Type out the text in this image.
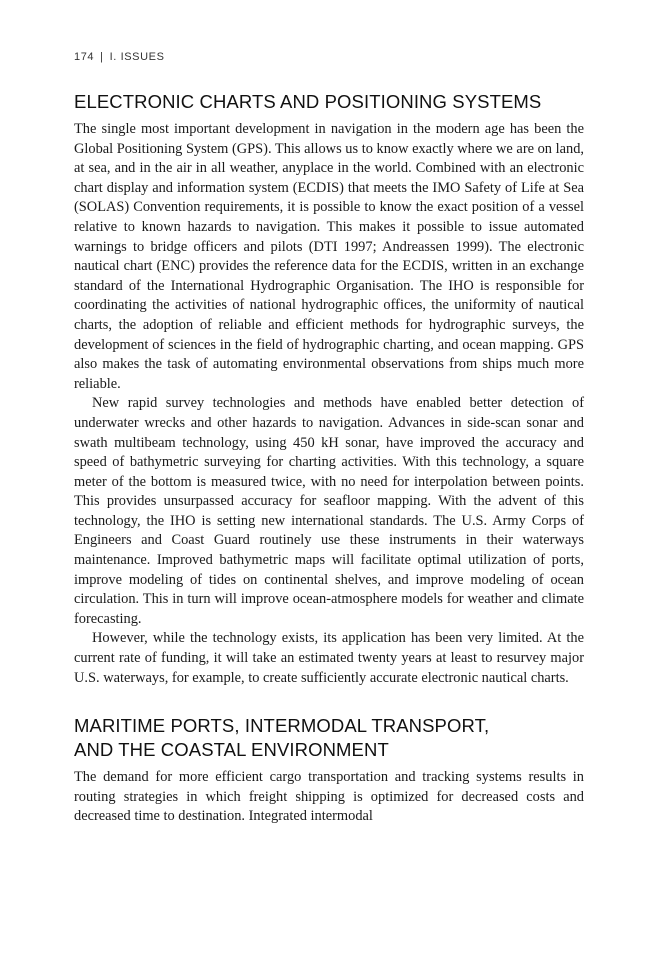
174 | I. ISSUES
ELECTRONIC CHARTS AND POSITIONING SYSTEMS

The single most important development in navigation in the modern age has been the Global Positioning System (GPS). This allows us to know exactly where we are on land, at sea, and in the air in all weather, anyplace in the world. Combined with an electronic chart display and information system (ECDIS) that meets the IMO Safety of Life at Sea (SOLAS) Convention requirements, it is possible to know the exact position of a vessel relative to known hazards to navigation. This makes it possible to issue automated warnings to bridge officers and pilots (DTI 1997; Andreassen 1999). The electronic nautical chart (ENC) provides the reference data for the ECDIS, written in an exchange standard of the International Hydrographic Organisation. The IHO is responsible for coordinating the activities of national hydrographic offices, the uniformity of nautical charts, the adoption of reliable and efficient methods for hydrographic surveys, the development of sciences in the field of hydrographic charting, and ocean mapping. GPS also makes the task of automating environmental observations from ships much more reliable.

New rapid survey technologies and methods have enabled better detection of underwater wrecks and other hazards to navigation. Advances in side-scan sonar and swath multibeam technology, using 450 kH sonar, have improved the accuracy and speed of bathymetric surveying for charting activities. With this technology, a square meter of the bottom is measured twice, with no need for interpolation between points. This provides unsurpassed accuracy for seafloor mapping. With the advent of this technology, the IHO is setting new international standards. The U.S. Army Corps of Engineers and Coast Guard routinely use these instruments in their waterways maintenance. Improved bathymetric maps will facilitate optimal utilization of ports, improve modeling of tides on continental shelves, and improve modeling of ocean circulation. This in turn will improve ocean-atmosphere models for weather and climate forecasting.

However, while the technology exists, its application has been very limited. At the current rate of funding, it will take an estimated twenty years at least to resurvey major U.S. waterways, for example, to create sufficiently accurate electronic nautical charts.

MARITIME PORTS, INTERMODAL TRANSPORT,
AND THE COASTAL ENVIRONMENT

The demand for more efficient cargo transportation and tracking systems results in routing strategies in which freight shipping is optimized for decreased costs and decreased time to destination. Integrated intermodal
